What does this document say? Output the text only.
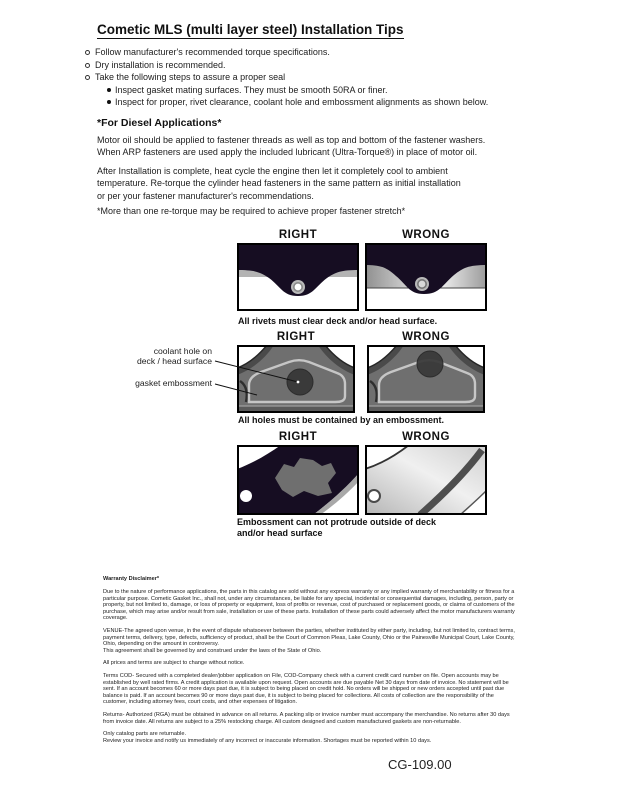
Cometic MLS (multi layer steel) Installation Tips
Follow manufacturer's recommended torque specifications.
Dry installation is recommended.
Take the following steps to assure a proper seal
Inspect gasket mating surfaces. They must be smooth 50RA or finer.
Inspect for proper, rivet clearance, coolant hole and embossment alignments as shown below.
*For Diesel Applications*
Motor oil should be applied to fastener threads as well as top and bottom of the fastener washers.
When ARP fasteners are used apply the included lubricant (Ultra-Torque®) in place of motor oil.
After Installation is complete, heat cycle the engine then let it completely cool to ambient
temperature. Re-torque the cylinder head fasteners in the same pattern as initial installation
or per your fastener manufacturer's recommendations.
*More than one re-torque may be required to achieve proper fastener stretch*
RIGHT	WRONG
All rivets must clear deck and/or head surface.
RIGHT	WRONG
coolant hole on
deck / head surface
gasket embossment
All holes must be contained by an embossment.
RIGHT	WRONG
Embossment can not protrude outside of deck
and/or head surface
Warranty Disclaimer*

Due to the nature of performance applications, the parts in this catalog are sold without any express warranty or any implied warranty of merchantability or fitness for a particular purpose. Cometic Gasket Inc., shall not, under any circumstances, be liable for any special, incidental or consequential damages, including, person, party or property, but not limited to, damage, or loss of property or equipment, loss of profits or revenue, cost of purchased or replacement goods, or claims of customers of the purchase, which may arise and/or result from sale, installation or use of these parts. Installation of these parts could adversely affect the motor manufacturers warranty coverage.

VENUE-The agreed upon venue, in the event of dispute whatsoever between the parties, whether instituted by either party, including, but not limited to, contract terms, payment terms, delivery, type, defects, sufficiency of product, shall be the Court of Common Pleas, Lake County, Ohio or the Painesville Municipal Court, Lake County, Ohio, depending on the amount in controversy.

This agreement shall be governed by and construed under the laws of the State of Ohio.

All prices and terms are subject to change without notice.

Terms COD- Secured with a completed dealer/jobber application on File, COD-Company check with a current credit card number on file. Open accounts may be established by well rated firms. A credit application is available upon request. Open accounts are due payable Net 30 days from date of invoice. No statement will be sent. If an account becomes 60 or more days past due, it is subject to being placed on credit hold. No orders will be shipped or new orders accepted until past due balance is paid. If an account becomes 90 or more days past due, it is subject to being placed for collections. All costs of collection are the responsibility of the customer, including attorney fees, court costs, and other expenses of litigation.

Returns- Authorized (RGA) must be obtained in advance on all returns. A packing slip or invoice number must accompany the merchandise. No returns after 30 days from invoice date. All returns are subject to a 25% restocking charge. All custom designed and custom manufactured gaskets are non-returnable.

Only catalog parts are returnable.

Review your invoice and notify us immediately of any incorrect or inaccurate information. Shortages must be reported within 10 days.

CG-109.00
